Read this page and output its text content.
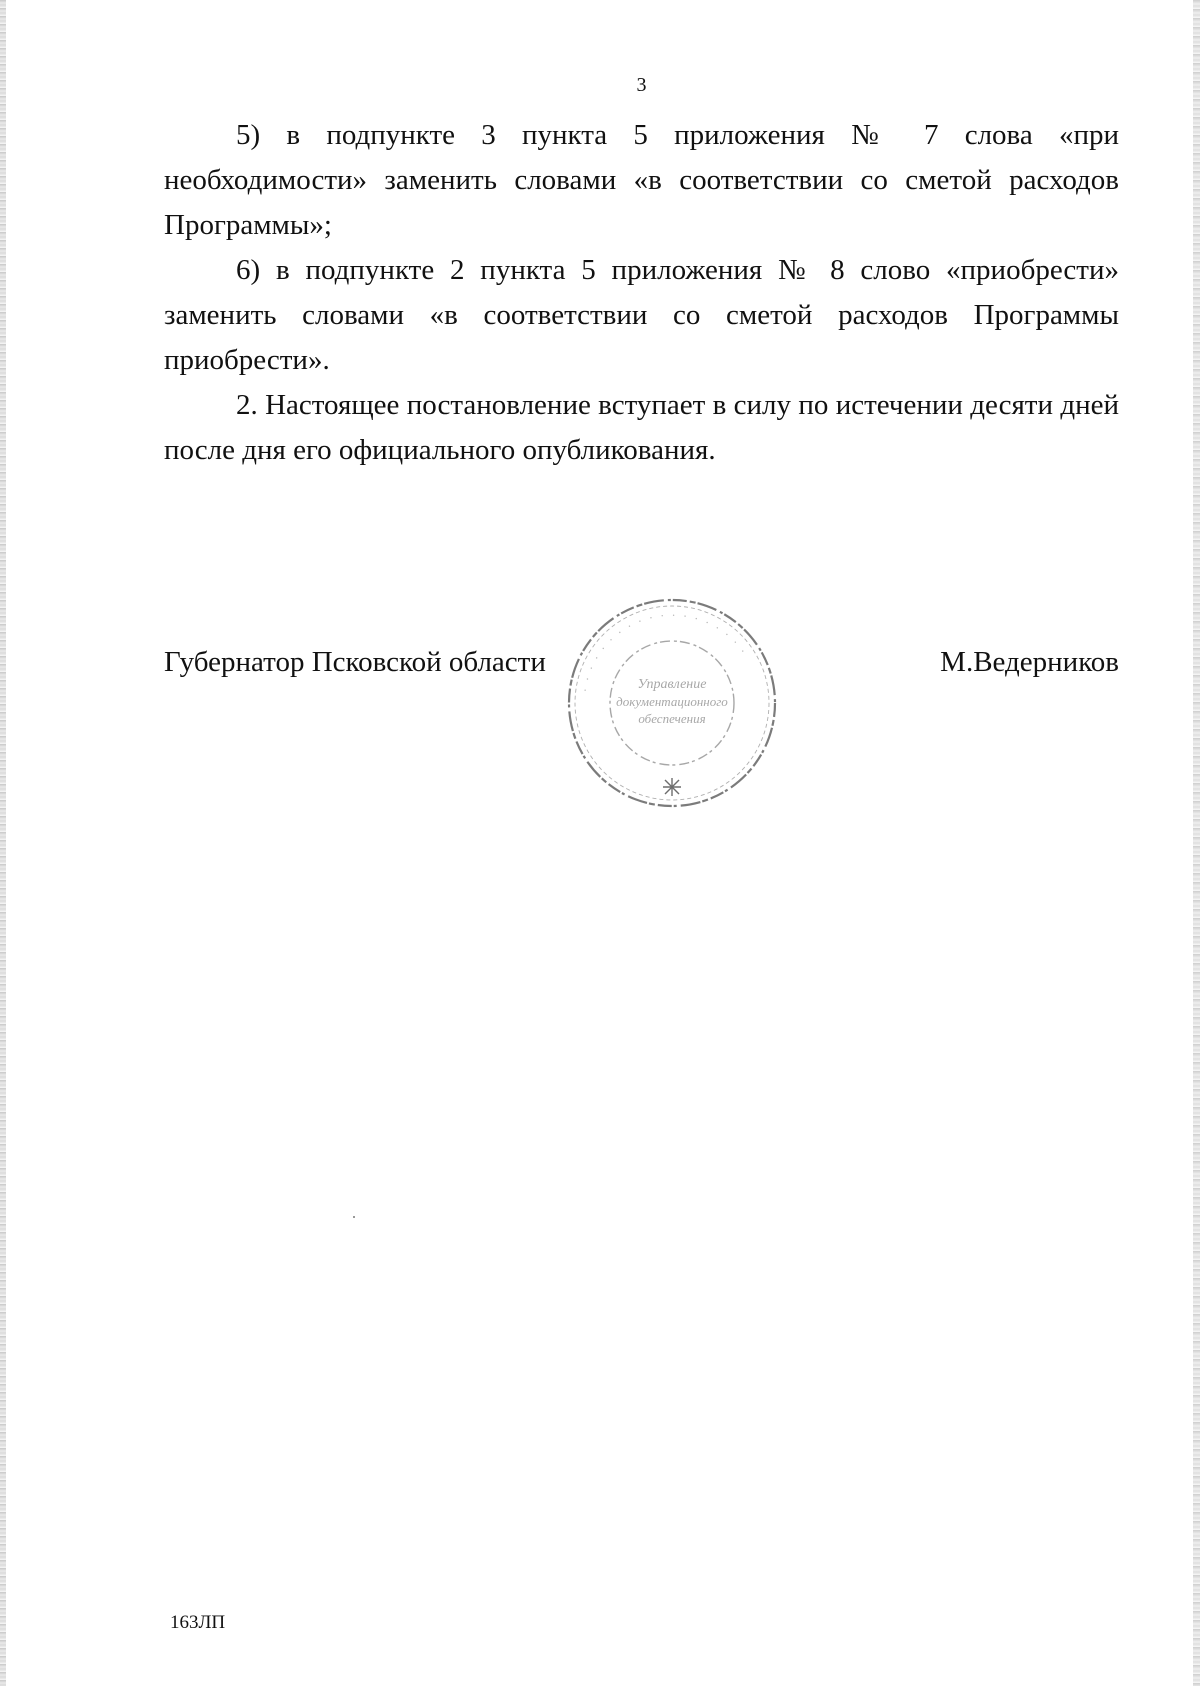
3

5) в подпункте 3 пункта 5 приложения № 7 слова «при необходимости» заменить словами «в соответствии со сметой расходов Программы»;

6) в подпункте 2 пункта 5 приложения № 8 слово «приобрести» заменить словами «в соответствии со сметой расходов Программы приобрести».

2. Настоящее постановление вступает в силу по истечении десяти дней после дня его официального опубликования.

Губернатор Псковской области	М.Ведерников
· · · · · · · · · · · · · · · · · · ·
Управление
документационного
обеспечения
163ЛП
